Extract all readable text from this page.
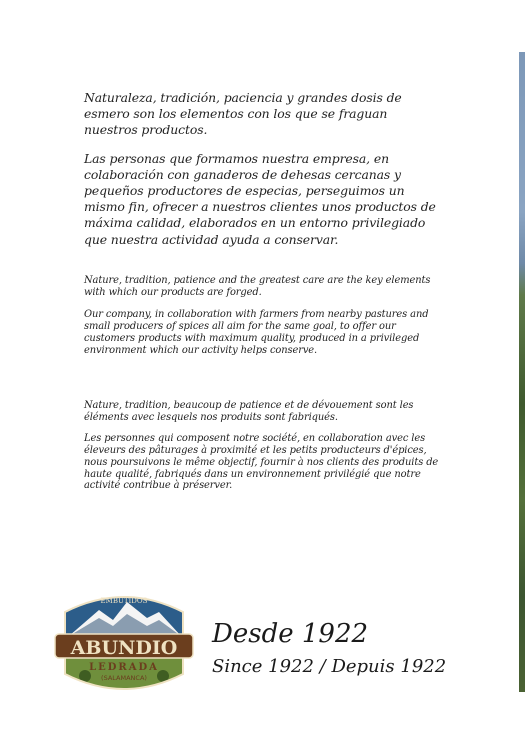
Naturaleza, tradición, paciencia y grandes dosis de esmero son los elementos con los que se fraguan nuestros productos.

Las personas que formamos nuestra empresa, en colaboración con ganaderos de dehesas cercanas y pequeños productores de especias, perseguimos un mismo fin, ofrecer a nuestros clientes unos productos de máxima calidad, elaborados en un entorno privilegiado que nuestra actividad ayuda a conservar.

Nature, tradition, patience and the greatest care are the key elements with which our products are forged.

Our company, in collaboration with farmers from nearby pastures and small producers of spices all aim for the same goal, to offer our customers products with maximum quality, produced in a privileged environment which our activity helps conserve.

Nature, tradition, beaucoup de patience et de dévouement sont les éléments avec lesquels nos produits sont fabriqués.

Les personnes qui composent notre société, en collaboration avec les éleveurs des pâturages à proximité et les petits producteurs d'épices, nous poursuivons le même objectif, fournir à nos clients des produits de haute qualité, fabriqués dans un environnement privilégié que notre activité contribue à préserver.

EMBUTIDOS
ABUNDIO
LEDRADA
(SALAMANCA)
Desde 1922
Since 1922 / Depuis 1922
